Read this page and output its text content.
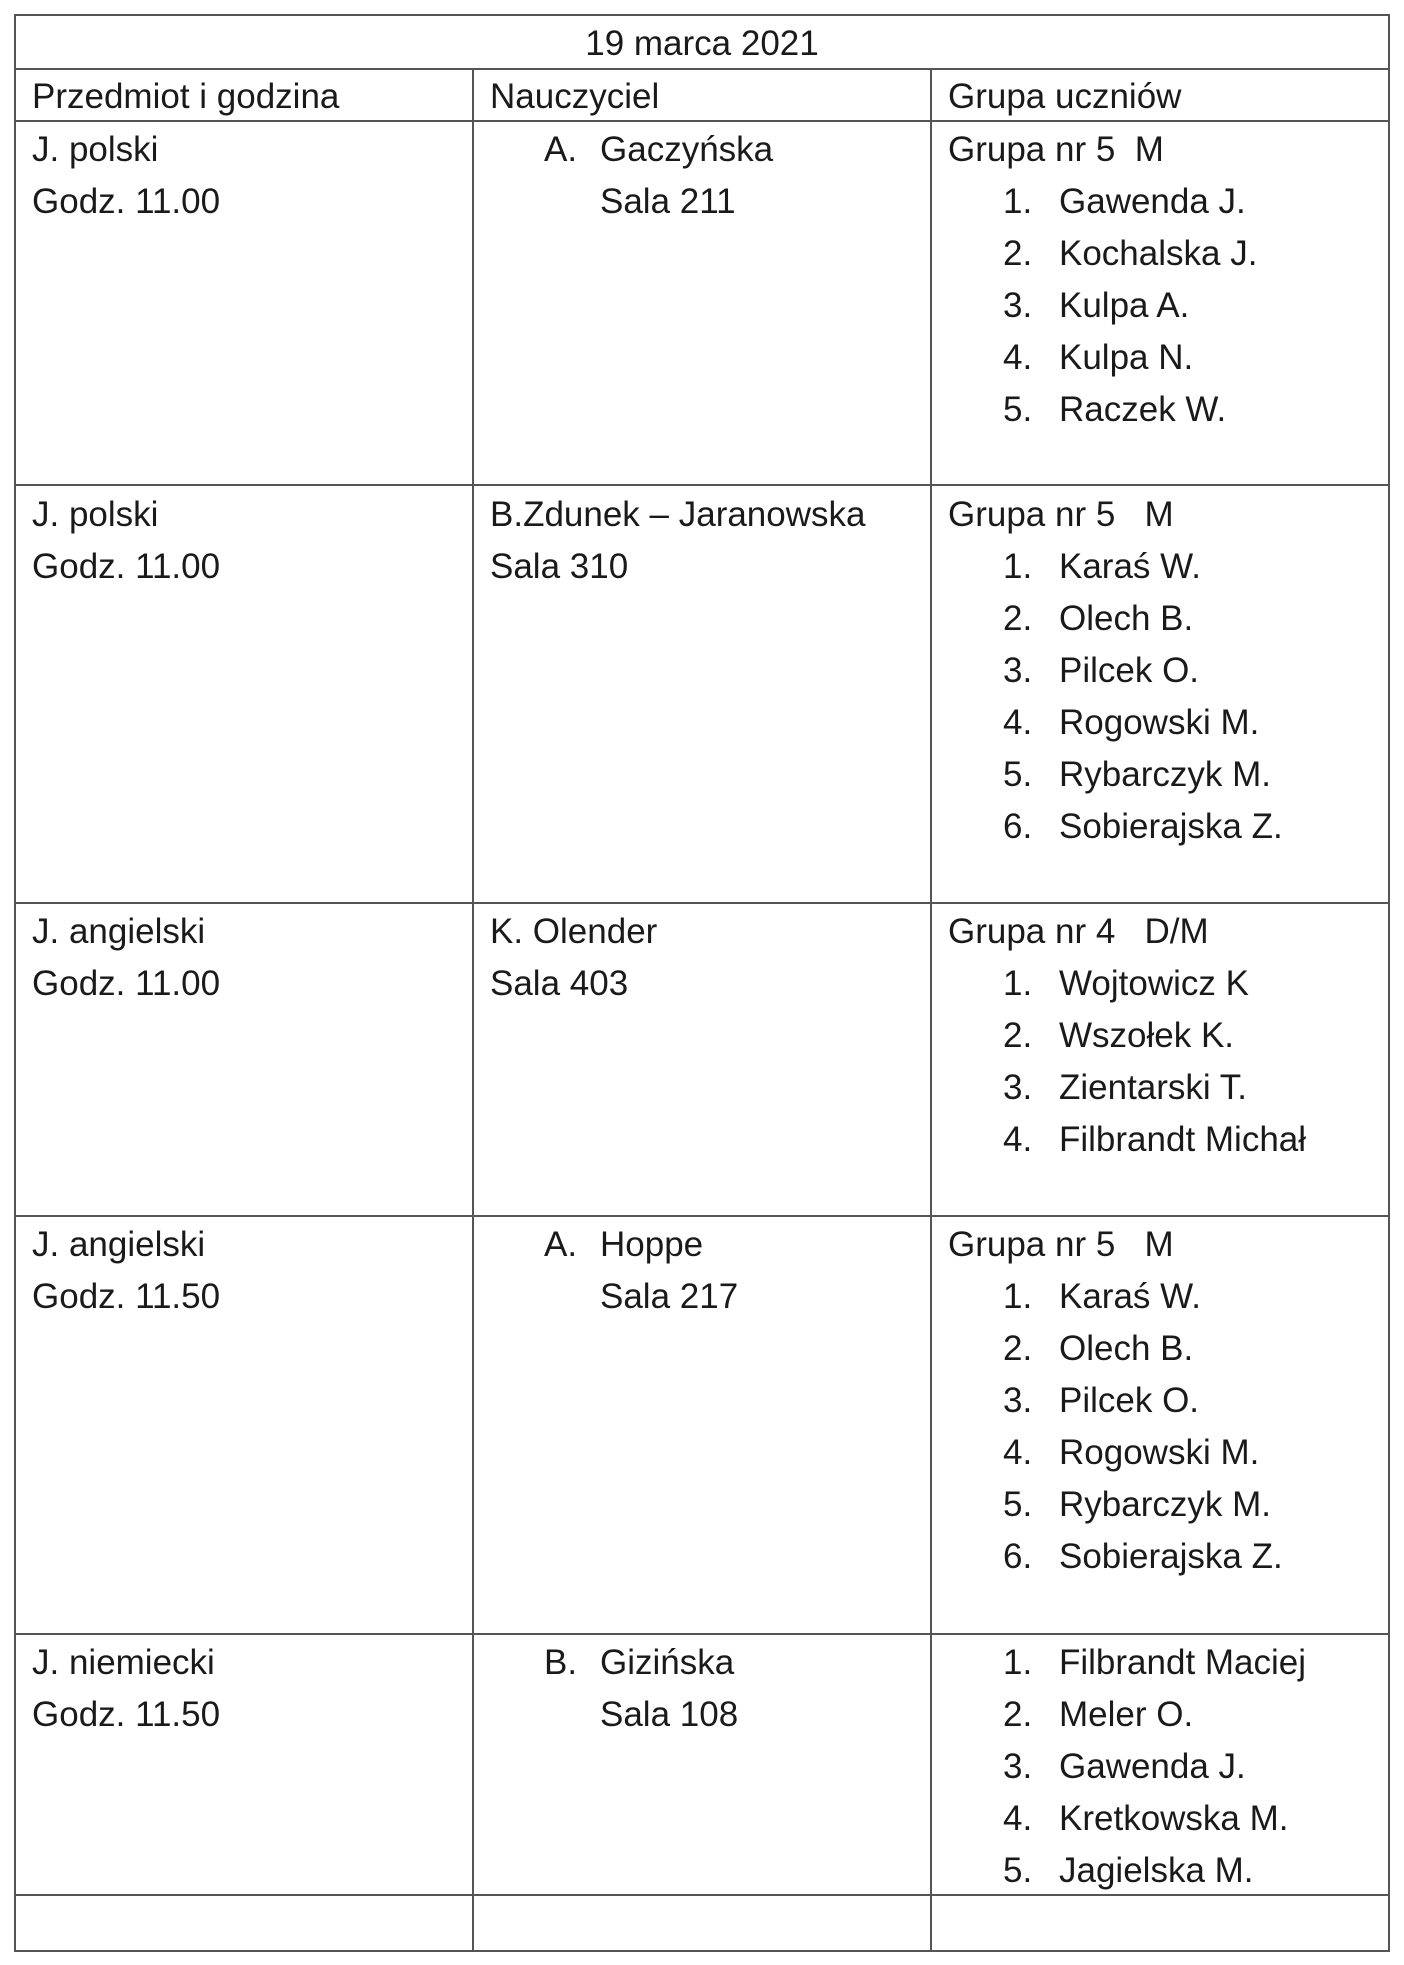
19 marca 2021
Przedmiot i godzina	Nauczyciel	Grupa uczniów
J. polski
Godz. 11.00
A. Gaczyńska
Sala 211
Grupa nr 5  M
1. Gawenda J.
2. Kochalska J.
3. Kulpa A.
4. Kulpa N.
5. Raczek W.
J. polski
Godz. 11.00
B.Zdunek – Jaranowska
Sala 310
Grupa nr 5   M
1. Karaś W.
2. Olech B.
3. Pilcek O.
4. Rogowski M.
5. Rybarczyk M.
6. Sobierajska Z.
J. angielski
Godz. 11.00
K. Olender
Sala 403
Grupa nr 4   D/M
1. Wojtowicz K
2. Wszołek K.
3. Zientarski T.
4. Filbrandt Michał
J. angielski
Godz. 11.50
A. Hoppe
Sala 217
Grupa nr 5   M
1. Karaś W.
2. Olech B.
3. Pilcek O.
4. Rogowski M.
5. Rybarczyk M.
6. Sobierajska Z.
J. niemiecki
Godz. 11.50
B. Gizińska
Sala 108
1. Filbrandt Maciej
2. Meler O.
3. Gawenda J.
4. Kretkowska M.
5. Jagielska M.
